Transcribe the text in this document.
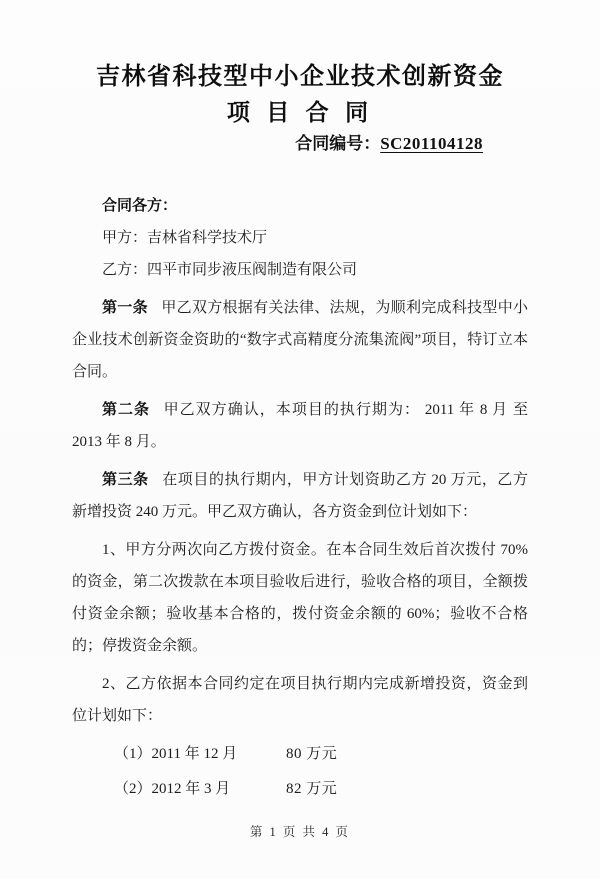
吉林省科技型中小企业技术创新资金
项 目 合 同
合同编号：SC201104128

合同各方：

甲方：吉林省科学技术厅

乙方：四平市同步液压阀制造有限公司

第一条 甲乙双方根据有关法律、法规，为顺利完成科技型中小企业技术创新资金资助的“数字式高精度分流集流阀”项目，特订立本合同。

第二条 甲乙双方确认，本项目的执行期为： 2011 年 8 月 至 2013 年 8 月。

第三条 在项目的执行期内，甲方计划资助乙方 20 万元，乙方新增投资 240 万元。甲乙双方确认，各方资金到位计划如下：

1、甲方分两次向乙方拨付资金。在本合同生效后首次拨付 70%的资金，第二次拨款在本项目验收后进行，验收合格的项目，全额拨付资金余额；验收基本合格的，拨付资金余额的 60%；验收不合格的；停拨资金余额。

2、乙方依据本合同约定在项目执行期内完成新增投资，资金到位计划如下：

（1）2011 年 12 月	80 万元
（2）2012 年 3 月	82 万元
第 1 页 共 4 页
